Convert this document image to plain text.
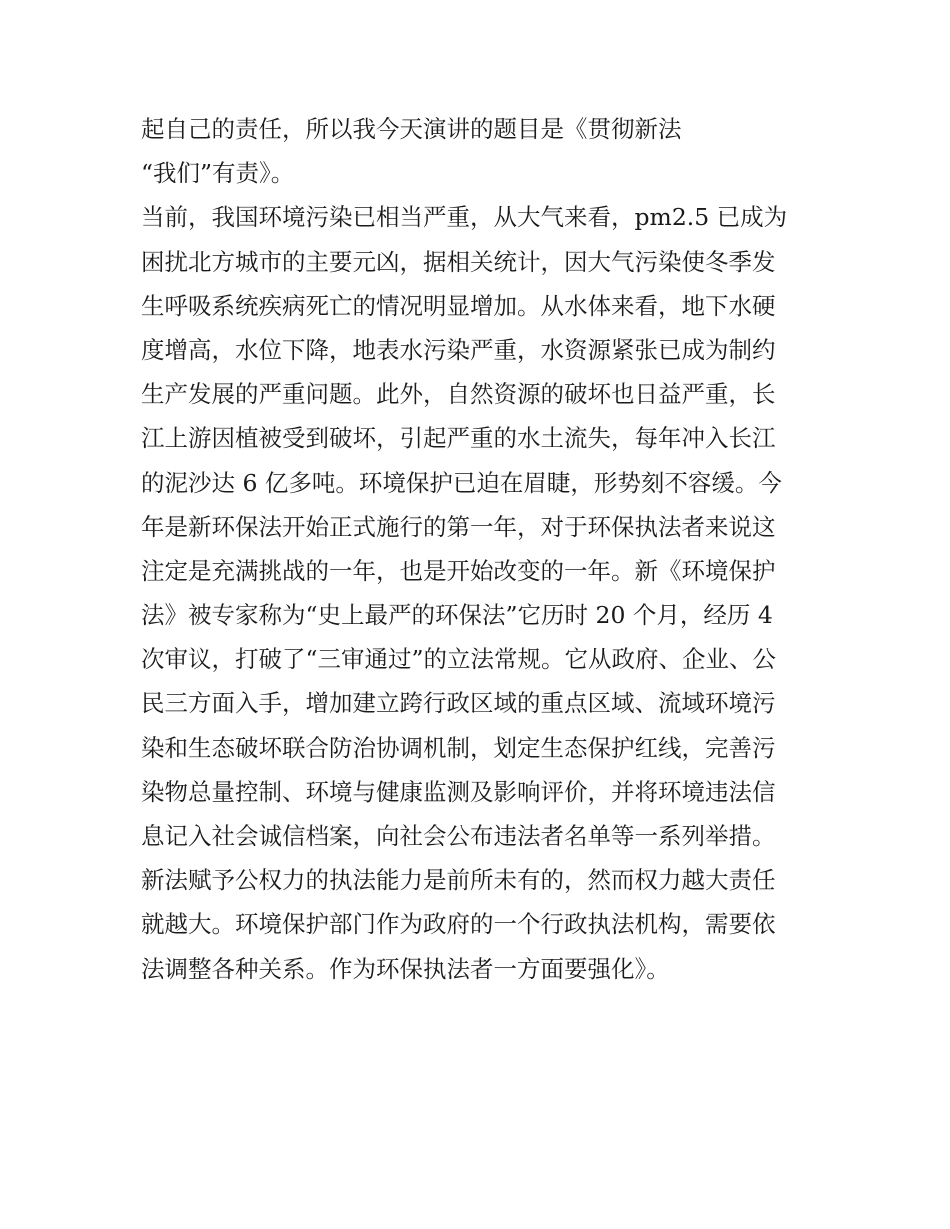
起自己的责任，所以我今天演讲的题目是《贯彻新法
“我们”有责》。
当前，我国环境污染已相当严重，从大气来看，pm2.5 已成为
困扰北方城市的主要元凶，据相关统计，因大气污染使冬季发
生呼吸系统疾病死亡的情况明显增加。从水体来看，地下水硬
度增高，水位下降，地表水污染严重，水资源紧张已成为制约
生产发展的严重问题。此外，自然资源的破坏也日益严重，长
江上游因植被受到破坏，引起严重的水土流失，每年冲入长江
的泥沙达 6 亿多吨。环境保护已迫在眉睫，形势刻不容缓。今
年是新环保法开始正式施行的第一年，对于环保执法者来说这
注定是充满挑战的一年，也是开始改变的一年。新《环境保护
法》被专家称为“史上最严的环保法”它历时 20 个月，经历 4
次审议，打破了“三审通过”的立法常规。它从政府、企业、公
民三方面入手，增加建立跨行政区域的重点区域、流域环境污
染和生态破坏联合防治协调机制，划定生态保护红线，完善污
染物总量控制、环境与健康监测及影响评价，并将环境违法信
息记入社会诚信档案，向社会公布违法者名单等一系列举措。
新法赋予公权力的执法能力是前所未有的，然而权力越大责任
就越大。环境保护部门作为政府的一个行政执法机构，需要依
法调整各种关系。作为环保执法者一方面要强化》。
